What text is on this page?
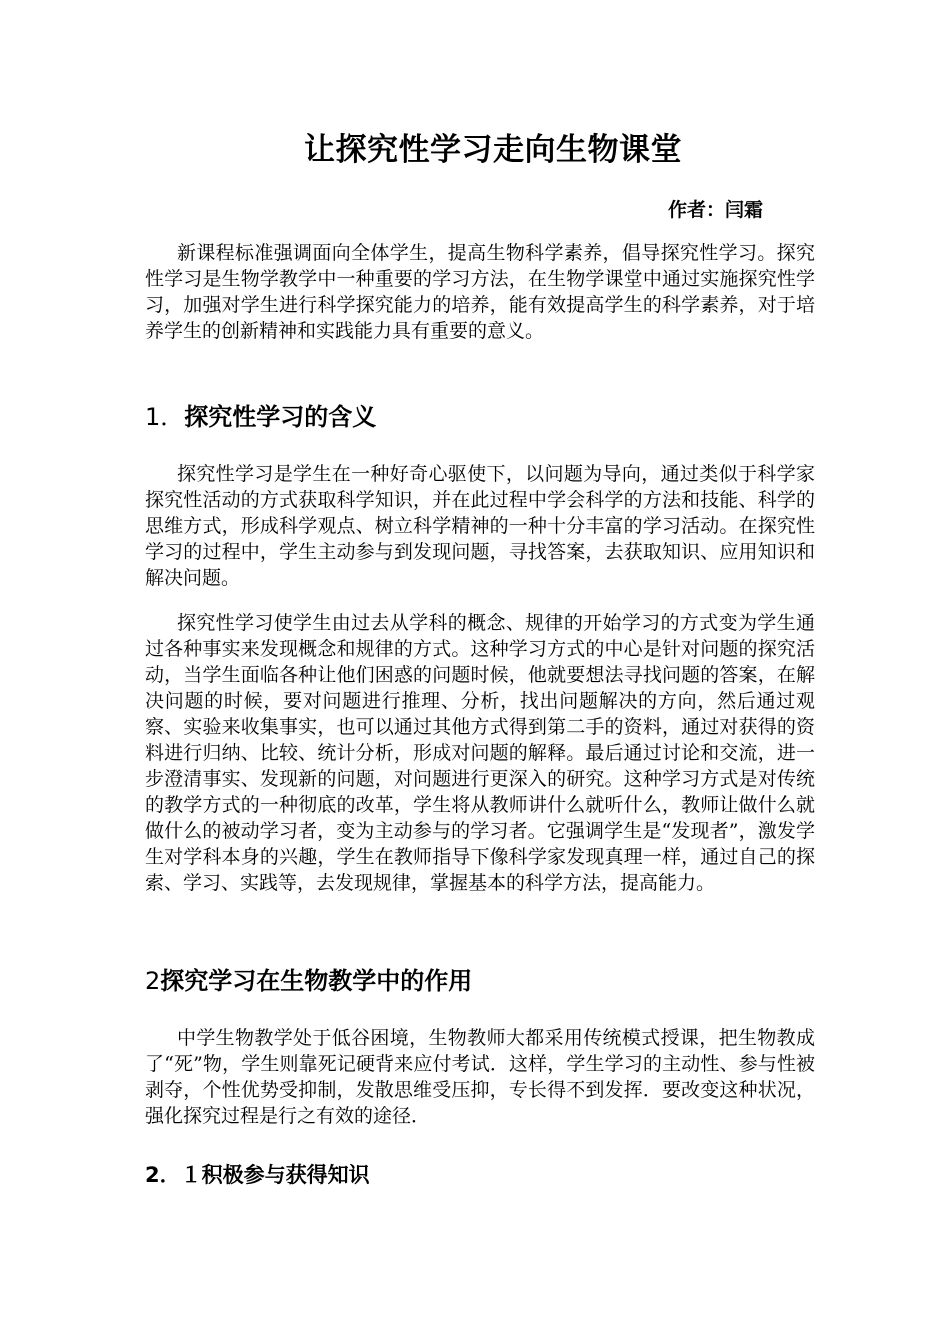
让探究性学习走向生物课堂

作者：闫霜

新课程标准强调面向全体学生，提高生物科学素养，倡导探究性学习。探究性学习是生物学教学中一种重要的学习方法，在生物学课堂中通过实施探究性学习，加强对学生进行科学探究能力的培养，能有效提高学生的科学素养，对于培养学生的创新精神和实践能力具有重要的意义。

1．探究性学习的含义

探究性学习是学生在一种好奇心驱使下，以问题为导向，通过类似于科学家探究性活动的方式获取科学知识，并在此过程中学会科学的方法和技能、科学的思维方式，形成科学观点、树立科学精神的一种十分丰富的学习活动。在探究性学习的过程中，学生主动参与到发现问题，寻找答案，去获取知识、应用知识和解决问题。

探究性学习使学生由过去从学科的概念、规律的开始学习的方式变为学生通过各种事实来发现概念和规律的方式。这种学习方式的中心是针对问题的探究活动，当学生面临各种让他们困惑的问题时候，他就要想法寻找问题的答案，在解决问题的时候，要对问题进行推理、分析，找出问题解决的方向，然后通过观察、实验来收集事实，也可以通过其他方式得到第二手的资料，通过对获得的资料进行归纳、比较、统计分析，形成对问题的解释。最后通过讨论和交流，进一步澄清事实、发现新的问题，对问题进行更深入的研究。这种学习方式是对传统的教学方式的一种彻底的改革，学生将从教师讲什么就听什么，教师让做什么就做什么的被动学习者，变为主动参与的学习者。它强调学生是“发现者”，激发学生对学科本身的兴趣，学生在教师指导下像科学家发现真理一样，通过自己的探索、学习、实践等，去发现规律，掌握基本的科学方法，提高能力。

2探究学习在生物教学中的作用

中学生物教学处于低谷困境，生物教师大都采用传统模式授课，把生物教成了“死”物，学生则靠死记硬背来应付考试．这样，学生学习的主动性、参与性被剥夺，个性优势受抑制，发散思维受压抑，专长得不到发挥．要改变这种状况，强化探究过程是行之有效的途径．

2．１积极参与获得知识
